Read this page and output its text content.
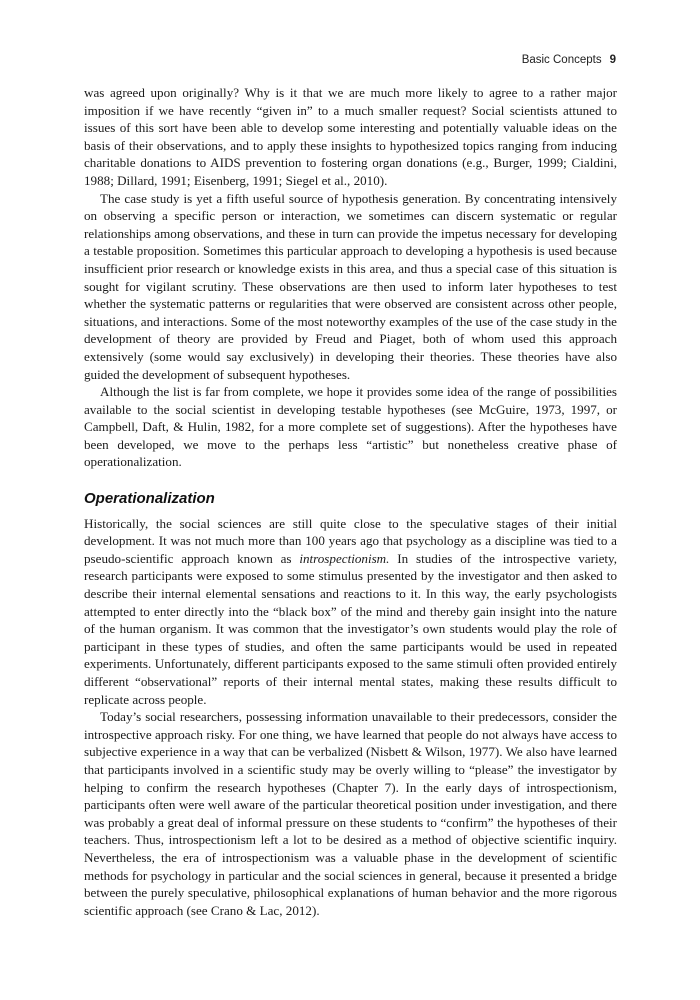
Basic Concepts 9

was agreed upon originally? Why is it that we are much more likely to agree to a rather major imposition if we have recently “given in” to a much smaller request? Social scientists attuned to issues of this sort have been able to develop some interesting and potentially valuable ideas on the basis of their observations, and to apply these insights to hypothesized topics ranging from inducing charitable donations to AIDS prevention to fostering organ donations (e.g., Burger, 1999; Cialdini, 1988; Dillard, 1991; Eisenberg, 1991; Siegel et al., 2010).

The case study is yet a fifth useful source of hypothesis generation. By concentrating intensively on observing a specific person or interaction, we sometimes can discern systematic or regular relationships among observations, and these in turn can provide the impetus necessary for developing a testable proposition. Sometimes this particular approach to developing a hypothesis is used because insufficient prior research or knowledge exists in this area, and thus a special case of this situation is sought for vigilant scrutiny. These observations are then used to inform later hypotheses to test whether the systematic patterns or regularities that were observed are consistent across other people, situations, and interactions. Some of the most noteworthy examples of the use of the case study in the development of theory are provided by Freud and Piaget, both of whom used this approach extensively (some would say exclusively) in developing their theories. These theories have also guided the development of subsequent hypotheses.

Although the list is far from complete, we hope it provides some idea of the range of possibilities available to the social scientist in developing testable hypotheses (see McGuire, 1973, 1997, or Campbell, Daft, & Hulin, 1982, for a more complete set of suggestions). After the hypotheses have been developed, we move to the perhaps less “artistic” but nonetheless creative phase of operationalization.

Operationalization

Historically, the social sciences are still quite close to the speculative stages of their initial development. It was not much more than 100 years ago that psychology as a discipline was tied to a pseudo-scientific approach known as introspectionism. In studies of the introspective variety, research participants were exposed to some stimulus presented by the investigator and then asked to describe their internal elemental sensations and reactions to it. In this way, the early psychologists attempted to enter directly into the “black box” of the mind and thereby gain insight into the nature of the human organism. It was common that the investigator’s own students would play the role of participant in these types of studies, and often the same participants would be used in repeated experiments. Unfortunately, different participants exposed to the same stimuli often provided entirely different “observational” reports of their internal mental states, making these results difficult to replicate across people.

Today’s social researchers, possessing information unavailable to their predecessors, consider the introspective approach risky. For one thing, we have learned that people do not always have access to subjective experience in a way that can be verbalized (Nisbett & Wilson, 1977). We also have learned that participants involved in a scientific study may be overly willing to “please” the investigator by helping to confirm the research hypotheses (Chapter 7). In the early days of introspectionism, participants often were well aware of the particular theoretical position under investigation, and there was probably a great deal of informal pressure on these students to “confirm” the hypotheses of their teachers. Thus, introspectionism left a lot to be desired as a method of objective scientific inquiry. Nevertheless, the era of introspectionism was a valuable phase in the development of scientific methods for psychology in particular and the social sciences in general, because it presented a bridge between the purely speculative, philosophical explanations of human behavior and the more rigorous scientific approach (see Crano & Lac, 2012).
